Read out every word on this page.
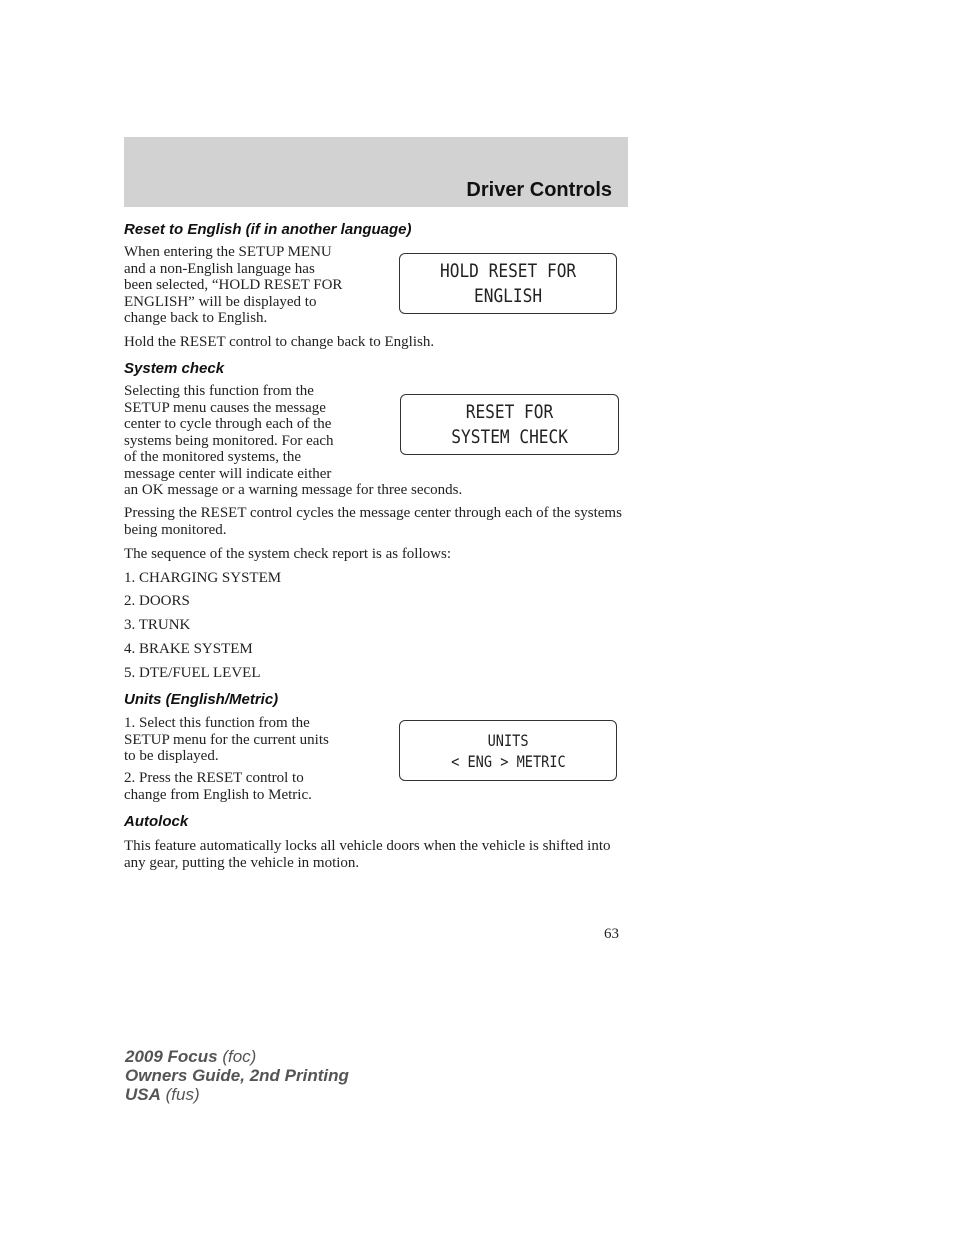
Driver Controls
Reset to English (if in another language)
When entering the SETUP MENU
and a non-English language has
been selected, “HOLD RESET FOR
ENGLISH” will be displayed to
change back to English.
HOLD RESET FOR
ENGLISH
Hold the RESET control to change back to English.
System check
Selecting this function from the
SETUP menu causes the message
center to cycle through each of the
systems being monitored. For each
of the monitored systems, the
message center will indicate either
an OK message or a warning message for three seconds.
RESET FOR
SYSTEM CHECK
Pressing the RESET control cycles the message center through each of the systems being monitored.
The sequence of the system check report is as follows:
1. CHARGING SYSTEM
2. DOORS
3. TRUNK
4. BRAKE SYSTEM
5. DTE/FUEL LEVEL
Units (English/Metric)
1. Select this function from the
SETUP menu for the current units
to be displayed.
2. Press the RESET control to
change from English to Metric.
UNITS
< ENG > METRIC
Autolock
This feature automatically locks all vehicle doors when the vehicle is shifted into any gear, putting the vehicle in motion.
63
2009 Focus (foc)
Owners Guide, 2nd Printing
USA (fus)
